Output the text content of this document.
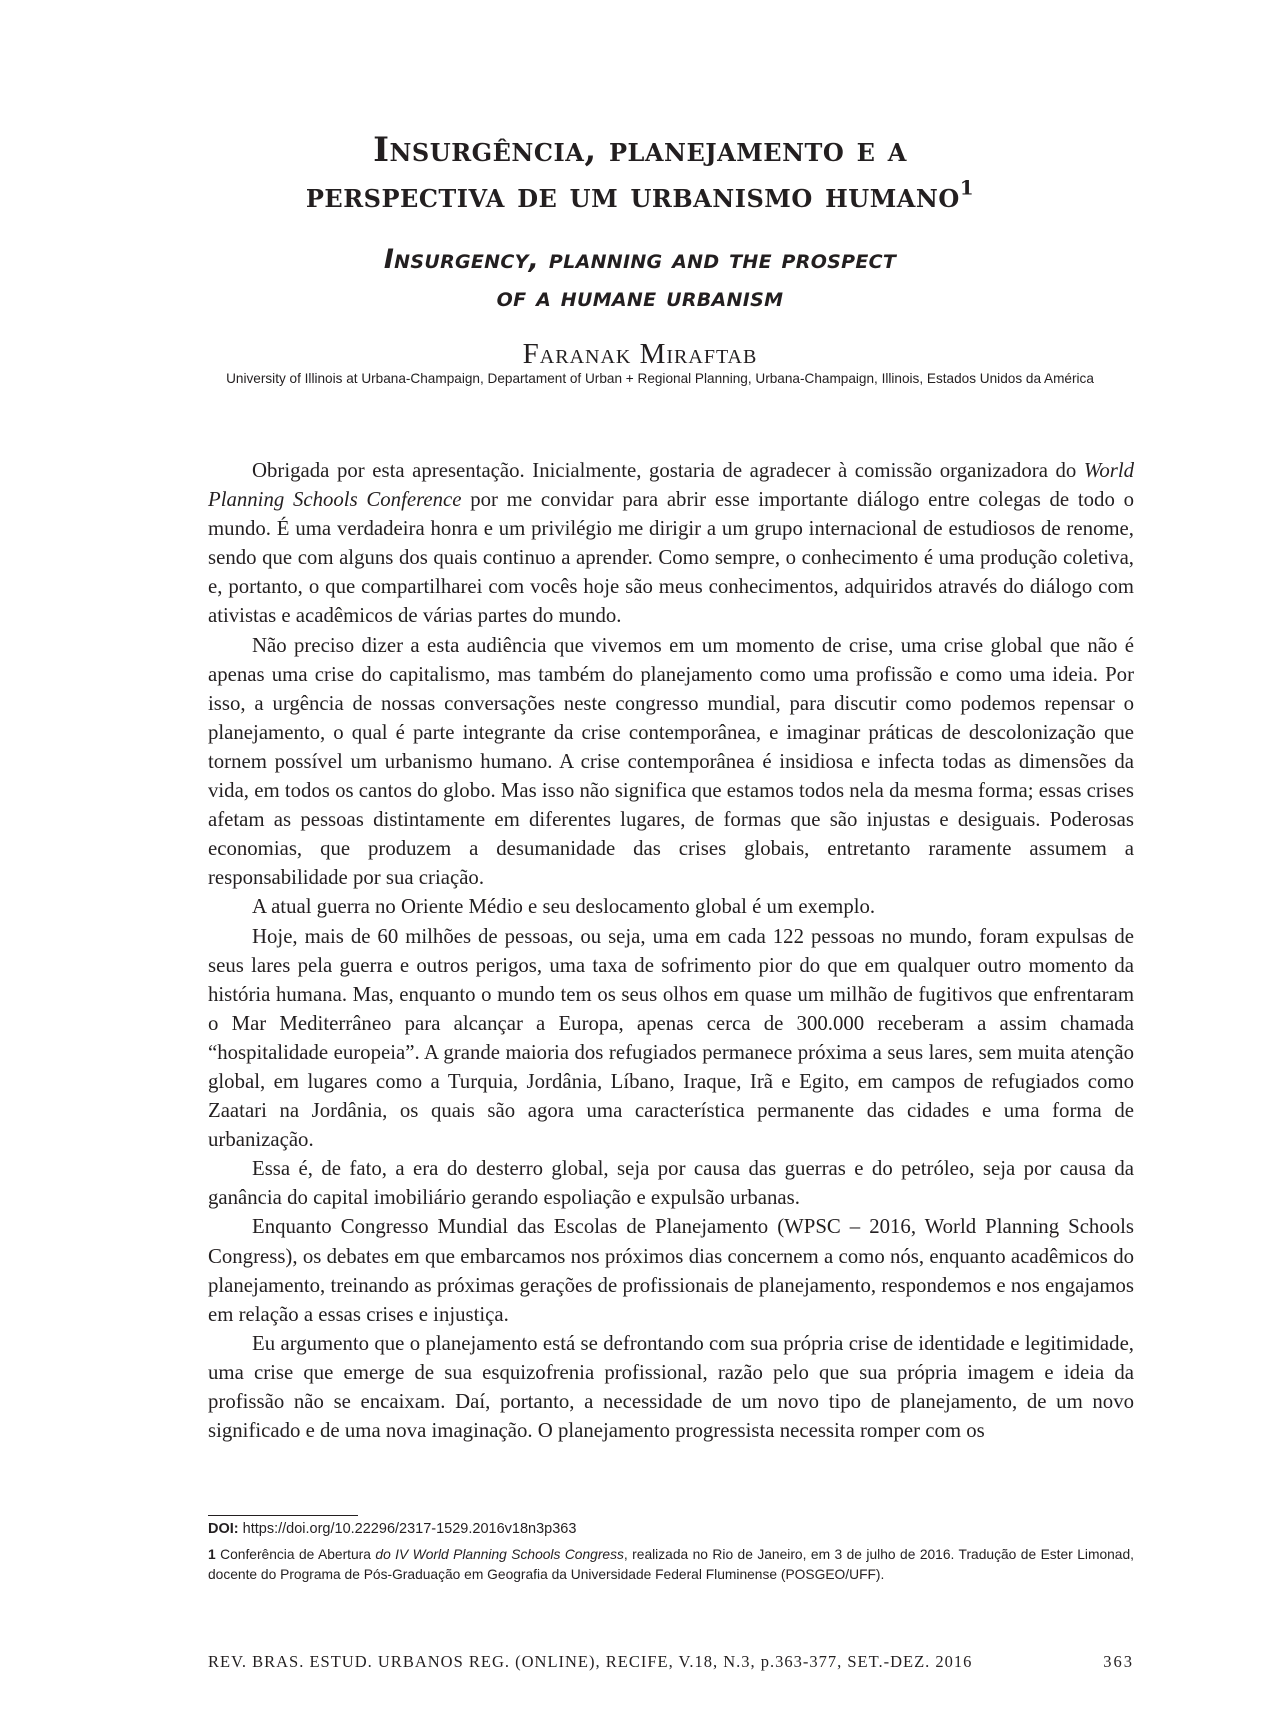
Insurgência, planejamento e a
perspectiva de um urbanismo humano$^1$
Insurgency, planning and the prospect
of a humane urbanism
Faranak Miraftab
University of Illinois at Urbana-Champaign, Departament of Urban + Regional Planning, Urbana-Champaign, Illinois, Estados Unidos da América

Obrigada por esta apresentação. Inicialmente, gostaria de agradecer à comissão organizadora do World Planning Schools Conference por me convidar para abrir esse importante diálogo entre colegas de todo o mundo. É uma verdadeira honra e um privilégio me dirigir a um grupo internacional de estudiosos de renome, sendo que com alguns dos quais continuo a aprender. Como sempre, o conhecimento é uma produção coletiva, e, portanto, o que compartilharei com vocês hoje são meus conhecimentos, adquiridos através do diálogo com ativistas e acadêmicos de várias partes do mundo.

Não preciso dizer a esta audiência que vivemos em um momento de crise, uma crise global que não é apenas uma crise do capitalismo, mas também do planejamento como uma profissão e como uma ideia. Por isso, a urgência de nossas conversações neste congresso mundial, para discutir como podemos repensar o planejamento, o qual é parte integrante da crise contemporânea, e imaginar práticas de descolonização que tornem possível um urbanismo humano. A crise contemporânea é insidiosa e infecta todas as dimensões da vida, em todos os cantos do globo. Mas isso não significa que estamos todos nela da mesma forma; essas crises afetam as pessoas distintamente em diferentes lugares, de formas que são injustas e desiguais. Poderosas economias, que produzem a desumanidade das crises globais, entretanto raramente assumem a responsabilidade por sua criação.

A atual guerra no Oriente Médio e seu deslocamento global é um exemplo.

Hoje, mais de 60 milhões de pessoas, ou seja, uma em cada 122 pessoas no mundo, foram expulsas de seus lares pela guerra e outros perigos, uma taxa de sofrimento pior do que em qualquer outro momento da história humana. Mas, enquanto o mundo tem os seus olhos em quase um milhão de fugitivos que enfrentaram o Mar Mediterrâneo para alcançar a Europa, apenas cerca de 300.000 receberam a assim chamada “hospitalidade europeia”. A grande maioria dos refugiados permanece próxima a seus lares, sem muita atenção global, em lugares como a Turquia, Jordânia, Líbano, Iraque, Irã e Egito, em campos de refugiados como Zaatari na Jordânia, os quais são agora uma característica permanente das cidades e uma forma de urbanização.

Essa é, de fato, a era do desterro global, seja por causa das guerras e do petróleo, seja por causa da ganância do capital imobiliário gerando espoliação e expulsão urbanas.

Enquanto Congresso Mundial das Escolas de Planejamento (WPSC – 2016, World Planning Schools Congress), os debates em que embarcamos nos próximos dias concernem a como nós, enquanto acadêmicos do planejamento, treinando as próximas gerações de profissionais de planejamento, respondemos e nos engajamos em relação a essas crises e injustiça.

Eu argumento que o planejamento está se defrontando com sua própria crise de identidade e legitimidade, uma crise que emerge de sua esquizofrenia profissional, razão pelo que sua própria imagem e ideia da profissão não se encaixam. Daí, portanto, a necessidade de um novo tipo de planejamento, de um novo significado e de uma nova imaginação. O planejamento progressista necessita romper com os

DOI: https://doi.org/10.22296/2317-1529.2016v18n3p363
1 Conferência de Abertura do IV World Planning Schools Congress, realizada no Rio de Janeiro, em 3 de julho de 2016. Tradução de Ester Limonad, docente do Programa de Pós-Graduação em Geografia da Universidade Federal Fluminense (POSGEO/UFF).
REV. BRAS. ESTUD. URBANOS REG. (ONLINE), RECIFE, V.18, N.3, p.363-377, SET.-DEZ. 2016	363
